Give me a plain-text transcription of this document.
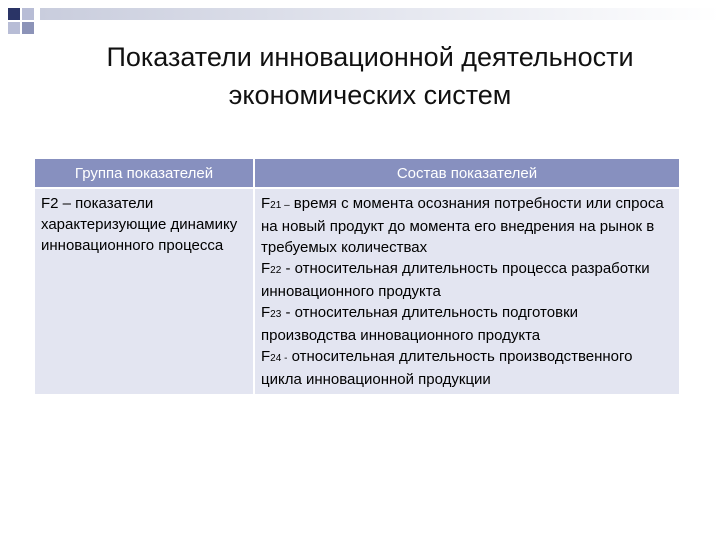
Показатели инновационной деятельности
экономических систем
Группа показателей	Состав показателей
F2 – показатели характеризующие динамику инновационного процесса	F21 – время с момента осознания потребности или спроса на новый продукт до момента его внедрения на рынок в требуемых количествах
F22 - относительная длительность процесса разработки инновационного продукта
F23 - относительная длительность подготовки производства инновационного продукта
F24 - относительная длительность производственного цикла инновационной продукции
